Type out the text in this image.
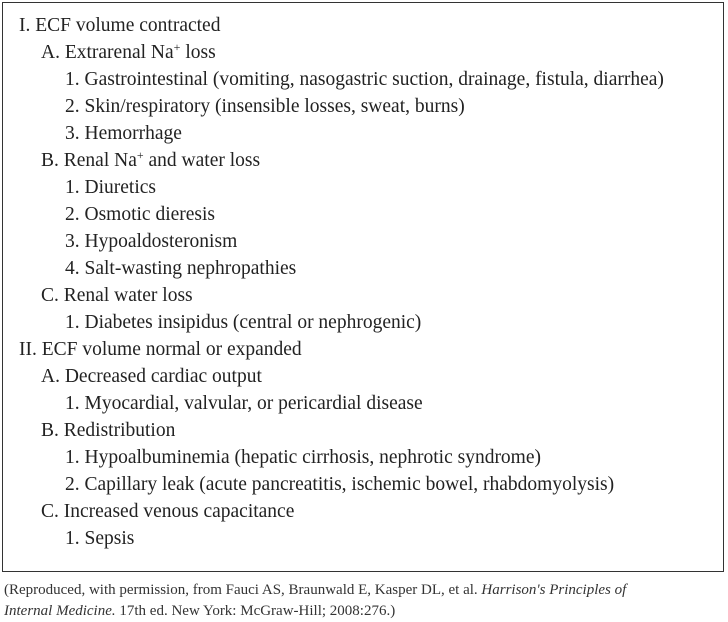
I. ECF volume contracted
A. Extrarenal Na+ loss
1. Gastrointestinal (vomiting, nasogastric suction, drainage, fistula, diarrhea)
2. Skin/respiratory (insensible losses, sweat, burns)
3. Hemorrhage
B. Renal Na+ and water loss
1. Diuretics
2. Osmotic dieresis
3. Hypoaldosteronism
4. Salt-wasting nephropathies
C. Renal water loss
1. Diabetes insipidus (central or nephrogenic)
II. ECF volume normal or expanded
A. Decreased cardiac output
1. Myocardial, valvular, or pericardial disease
B. Redistribution
1. Hypoalbuminemia (hepatic cirrhosis, nephrotic syndrome)
2. Capillary leak (acute pancreatitis, ischemic bowel, rhabdomyolysis)
C. Increased venous capacitance
1. Sepsis
(Reproduced, with permission, from Fauci AS, Braunwald E, Kasper DL, et al. Harrison's Principles of
Internal Medicine. 17th ed. New York: McGraw-Hill; 2008:276.)
